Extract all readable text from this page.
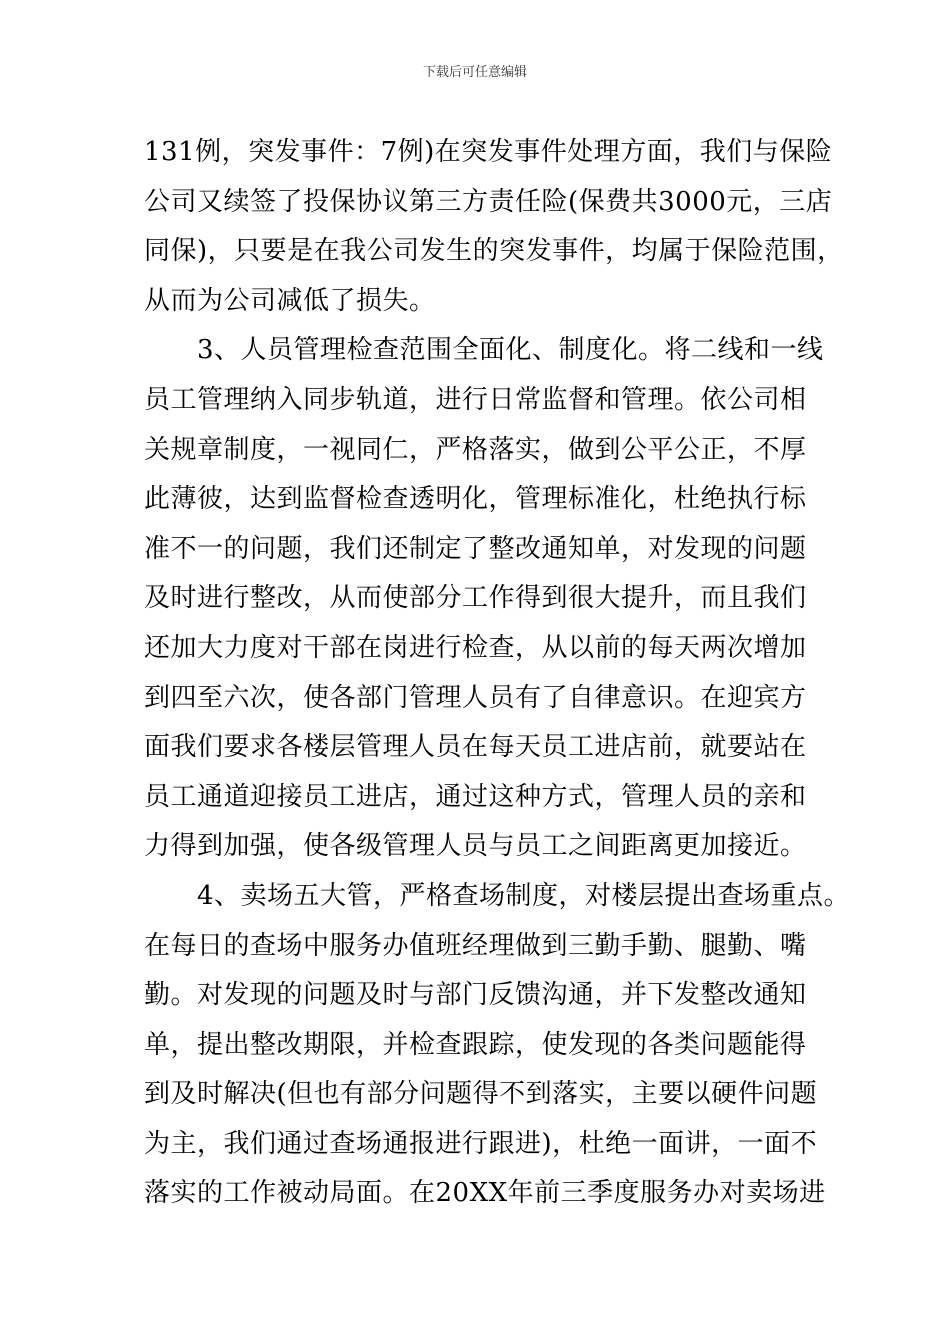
下载后可任意编辑
131例，突发事件：7例)在突发事件处理方面，我们与保险
公司又续签了投保协议第三方责任险(保费共3000元，三店
同保)，只要是在我公司发生的突发事件，均属于保险范围，
从而为公司减低了损失。
　　3、人员管理检查范围全面化、制度化。将二线和一线
员工管理纳入同步轨道，进行日常监督和管理。依公司相
关规章制度，一视同仁，严格落实，做到公平公正，不厚
此薄彼，达到监督检查透明化，管理标准化，杜绝执行标
准不一的问题，我们还制定了整改通知单，对发现的问题
及时进行整改，从而使部分工作得到很大提升，而且我们
还加大力度对干部在岗进行检查，从以前的每天两次增加
到四至六次，使各部门管理人员有了自律意识。在迎宾方
面我们要求各楼层管理人员在每天员工进店前，就要站在
员工通道迎接员工进店，通过这种方式，管理人员的亲和
力得到加强，使各级管理人员与员工之间距离更加接近。
　　4、卖场五大管，严格查场制度，对楼层提出查场重点。
在每日的查场中服务办值班经理做到三勤手勤、腿勤、嘴
勤。对发现的问题及时与部门反馈沟通，并下发整改通知
单，提出整改期限，并检查跟踪，使发现的各类问题能得
到及时解决(但也有部分问题得不到落实，主要以硬件问题
为主，我们通过查场通报进行跟进)，杜绝一面讲，一面不
落实的工作被动局面。在20XX年前三季度服务办对卖场进
